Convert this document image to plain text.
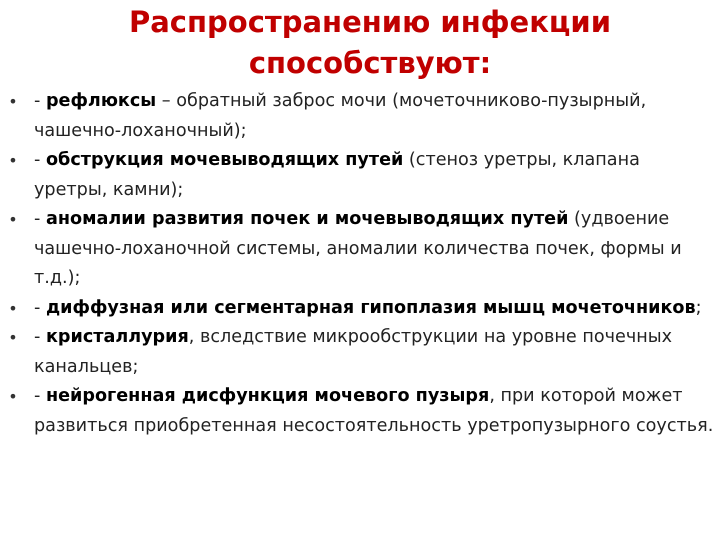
Распространению инфекции
способствуют:
• - рефлюксы – обратный заброс мочи (мочеточниково-пузырный, чашечно-лоханочный);
• - обструкция мочевыводящих путей (стеноз уретры, клапана уретры, камни);
• - аномалии развития почек и мочевыводящих путей (удвоение чашечно-лоханочной системы, аномалии количества почек, формы и т.д.);
• - диффузная или сегментарная гипоплазия мышц мочеточников;
• - кристаллурия, вследствие микрообструкции на уровне почечных канальцев;
• - нейрогенная дисфункция мочевого пузыря, при которой может развиться приобретенная несостоятельность уретропузырного соустья.
